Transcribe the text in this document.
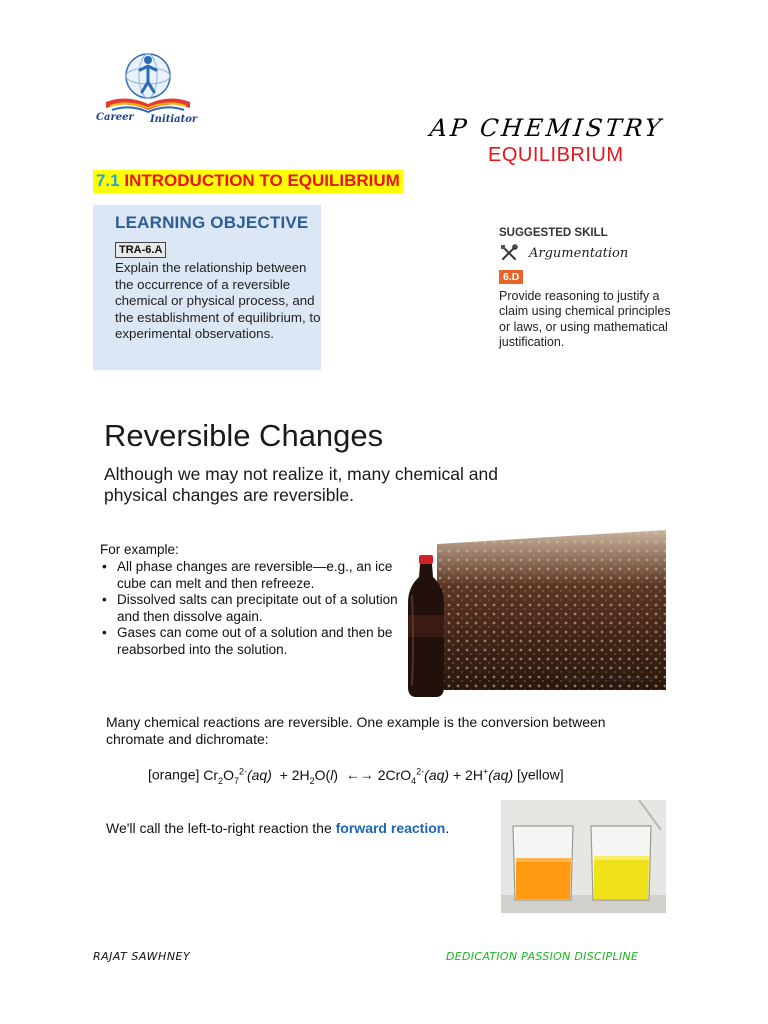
Career Initiator	AP CHEMISTRY
EQUILIBRIUM
7.1 INTRODUCTION TO EQUILIBRIUM
LEARNING OBJECTIVE
TRA-6.A
Explain the relationship between the occurrence of a reversible chemical or physical process, and the establishment of equilibrium, to experimental observations.
SUGGESTED SKILL
Argumentation
6.D
Provide reasoning to justify a claim using chemical principles or laws, or using mathematical justification.
Reversible Changes
Although we may not realize it, many chemical and physical changes are reversible.
For example:
• All phase changes are reversible—e.g., an ice cube can melt and then refreeze.
• Dissolved salts can precipitate out of a solution and then dissolve again.
• Gases can come out of a solution and then be reabsorbed into the solution.
Source: YORIK / Shutterstock.com
Many chemical reactions are reversible. One example is the conversion between chromate and dichromate:
[orange] $Cr_2O_7^{2-}(aq) + 2H_2O(l)$ ←→ 2CrO$_4^{2-}$(aq) + 2H+(aq) [yellow]
We'll call the left-to-right reaction the forward reaction.
RAJAT SAWHNEY	DEDICATION PASSION DISCIPLINE
